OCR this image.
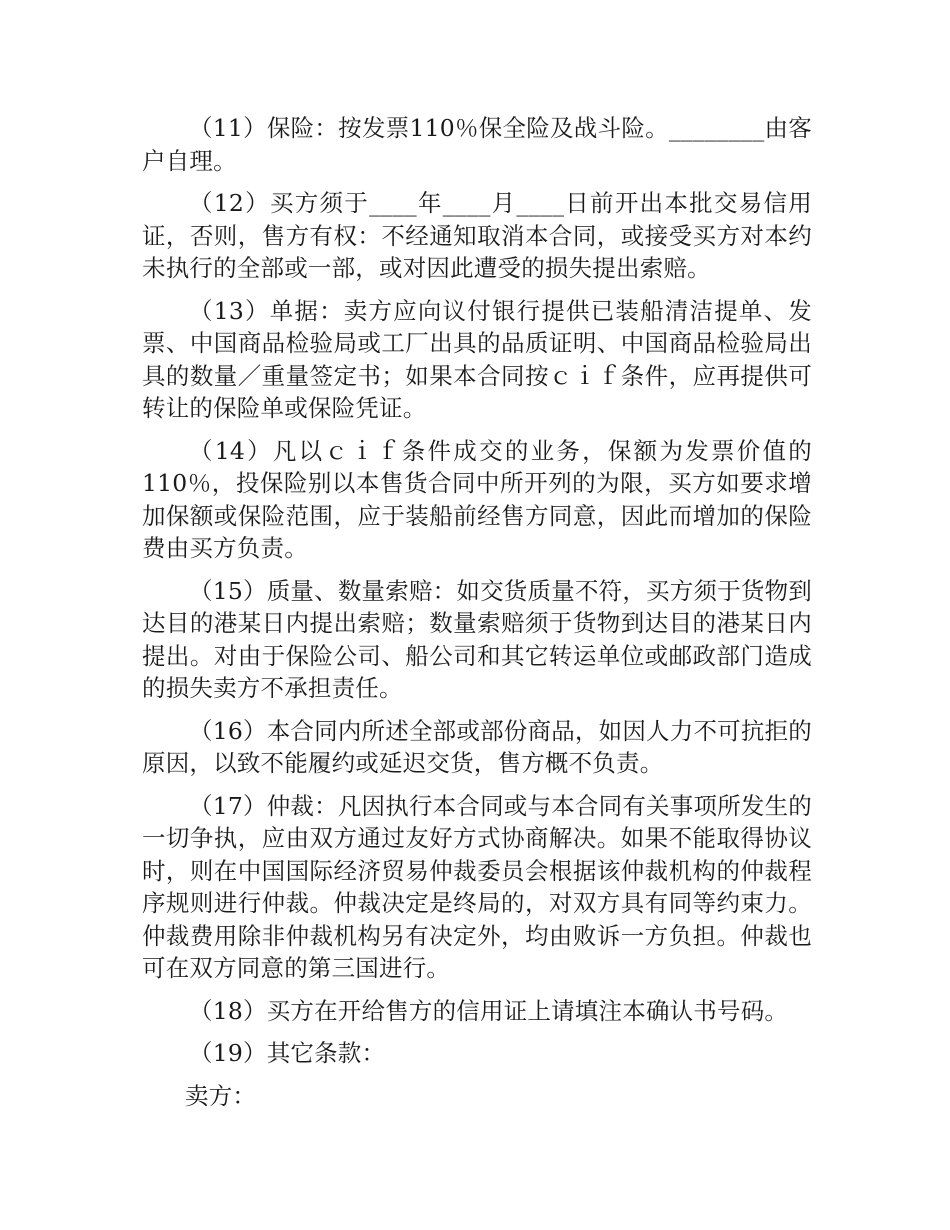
（11）保险：按发票110％保全险及战斗险。________由客户自理。

（12）买方须于____年____月____日前开出本批交易信用证，否则，售方有权：不经通知取消本合同，或接受买方对本约未执行的全部或一部，或对因此遭受的损失提出索赔。

（13）单据：卖方应向议付银行提供已装船清洁提单、发票、中国商品检验局或工厂出具的品质证明、中国商品检验局出具的数量／重量签定书；如果本合同按ｃｉｆ条件，应再提供可转让的保险单或保险凭证。

（14）凡以ｃｉｆ条件成交的业务，保额为发票价值的110％，投保险别以本售货合同中所开列的为限，买方如要求增加保额或保险范围，应于装船前经售方同意，因此而增加的保险费由买方负责。

（15）质量、数量索赔：如交货质量不符，买方须于货物到达目的港某日内提出索赔；数量索赔须于货物到达目的港某日内提出。对由于保险公司、船公司和其它转运单位或邮政部门造成的损失卖方不承担责任。

（16）本合同内所述全部或部份商品，如因人力不可抗拒的原因，以致不能履约或延迟交货，售方概不负责。

（17）仲裁：凡因执行本合同或与本合同有关事项所发生的一切争执，应由双方通过友好方式协商解决。如果不能取得协议时，则在中国国际经济贸易仲裁委员会根据该仲裁机构的仲裁程序规则进行仲裁。仲裁决定是终局的，对双方具有同等约束力。仲裁费用除非仲裁机构另有决定外，均由败诉一方负担。仲裁也可在双方同意的第三国进行。

（18）买方在开给售方的信用证上请填注本确认书号码。

（19）其它条款：

卖方：
